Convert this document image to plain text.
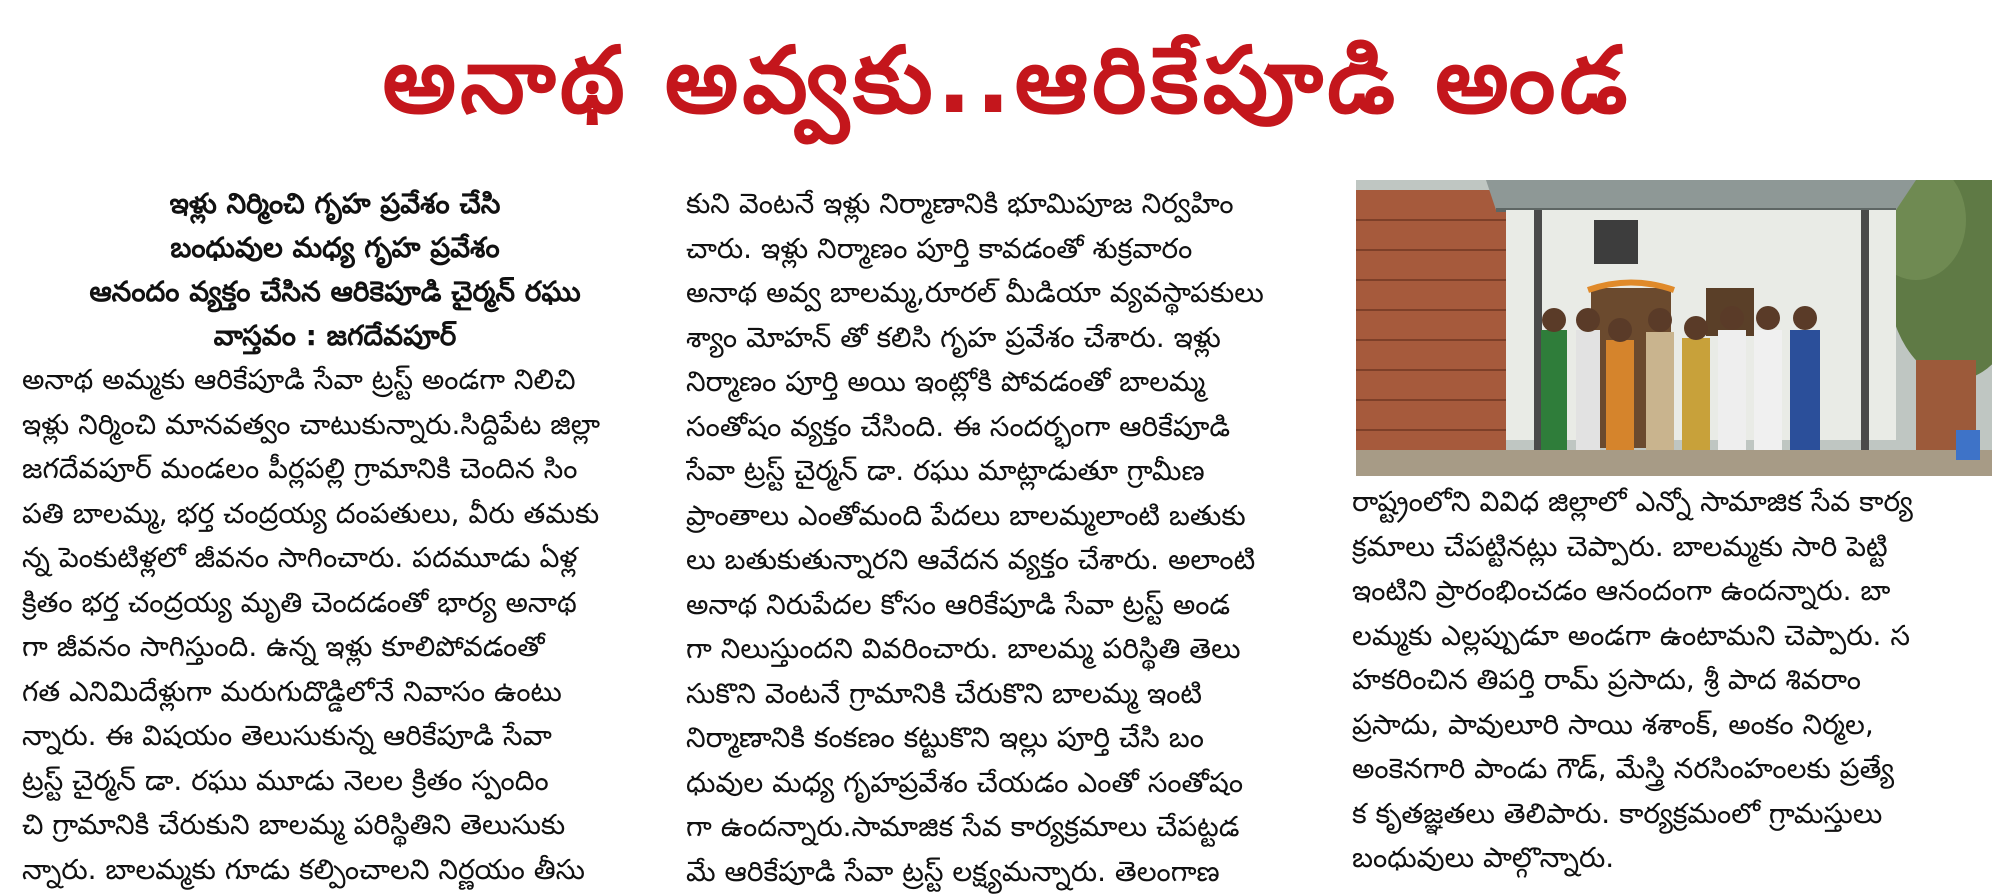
అనాథ అవ్వకు..ఆరికేపూడి అండ
ఇళ్లు నిర్మించి గృహ ప్రవేశం చేసి
బంధువుల మధ్య గృహ ప్రవేశం
ఆనందం వ్యక్తం చేసిన ఆరికెపూడి చైర్మన్ రఘు
వాస్తవం : జగదేవపూర్
అనాథ అమ్మకు ఆరికేపూడి సేవా ట్రస్ట్ అండగా నిలిచి
ఇళ్లు నిర్మించి మానవత్వం చాటుకున్నారు.సిద్దిపేట జిల్లా
జగదేవపూర్ మండలం పీర్లపల్లి గ్రామానికి చెందిన సిం
పతి బాలమ్మ, భర్త చంద్రయ్య దంపతులు, వీరు తమకు
న్న పెంకుటిళ్లలో జీవనం సాగించారు. పదమూడు ఏళ్ల
క్రితం భర్త చంద్రయ్య మృతి చెందడంతో భార్య అనాథ
గా జీవనం సాగిస్తుంది. ఉన్న ఇళ్లు కూలిపోవడంతో
గత ఎనిమిదేళ్లుగా మరుగుదొడ్డిలోనే నివాసం ఉంటు
న్నారు. ఈ విషయం తెలుసుకున్న ఆరికేపూడి సేవా
ట్రస్ట్ చైర్మన్ డా. రఘు మూడు నెలల క్రితం స్పందిం
చి గ్రామానికి చేరుకుని బాలమ్మ పరిస్థితిని తెలుసుకు
న్నారు. బాలమ్మకు గూడు కల్పించాలని నిర్ణయం తీసు
కుని వెంటనే ఇళ్లు నిర్మాణానికి భూమిపూజ నిర్వహిం
చారు. ఇళ్లు నిర్మాణం పూర్తి కావడంతో శుక్రవారం
అనాథ అవ్వ బాలమ్మ,రూరల్ మీడియా వ్యవస్థాపకులు
శ్యాం మోహన్ తో కలిసి గృహ ప్రవేశం చేశారు. ఇళ్లు
నిర్మాణం పూర్తి అయి ఇంట్లోకి పోవడంతో బాలమ్మ
సంతోషం వ్యక్తం చేసింది. ఈ సందర్భంగా ఆరికేపూడి
సేవా ట్రస్ట్ చైర్మన్ డా. రఘు మాట్లాడుతూ గ్రామీణ
ప్రాంతాలు ఎంతోమంది పేదలు బాలమ్మలాంటి బతుకు
లు బతుకుతున్నారని ఆవేదన వ్యక్తం చేశారు. అలాంటి
అనాథ నిరుపేదల కోసం ఆరికేపూడి సేవా ట్రస్ట్ అండ
గా నిలుస్తుందని వివరించారు. బాలమ్మ పరిస్థితి తెలు
సుకొని వెంటనే గ్రామానికి చేరుకొని బాలమ్మ ఇంటి
నిర్మాణానికి కంకణం కట్టుకొని ఇల్లు పూర్తి చేసి బం
ధువుల మధ్య గృహప్రవేశం చేయడం ఎంతో సంతోషం
గా ఉందన్నారు.సామాజిక సేవ కార్యక్రమాలు చేపట్టడ
మే ఆరికేపూడి సేవా ట్రస్ట్ లక్ష్యమన్నారు. తెలంగాణ
రాష్ట్రంలోని వివిధ జిల్లాలో ఎన్నో సామాజిక సేవ కార్య
క్రమాలు చేపట్టినట్లు చెప్పారు. బాలమ్మకు సారి పెట్టి
ఇంటిని ప్రారంభించడం ఆనందంగా ఉందన్నారు. బా
లమ్మకు ఎల్లప్పుడూ అండగా ఉంటామని చెప్పారు. స
హకరించిన తిపర్తి రామ్ ప్రసాదు, శ్రీ పాద శివరాం
ప్రసాదు, పావులూరి సాయి శశాంక్, అంకం నిర్మల,
అంకెనగారి పాండు గౌడ్, మేస్త్రి నరసింహంలకు ప్రత్యే
క కృతజ్ఞతలు తెలిపారు. కార్యక్రమంలో గ్రామస్తులు
బంధువులు పాల్గొన్నారు.
